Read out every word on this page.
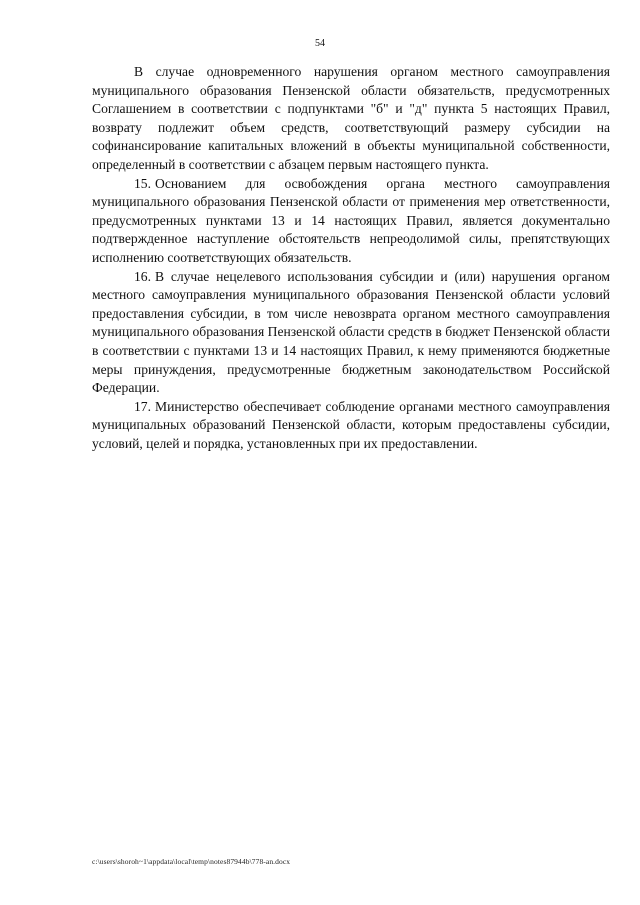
54

В случае одновременного нарушения органом местного самоуправления муниципального образования Пензенской области обязательств, предусмотренных Соглашением в соответствии с подпунктами "б" и "д" пункта 5 настоящих Правил, возврату подлежит объем средств, соответствующий размеру субсидии на софинансирование капитальных вложений в объекты муниципальной собственности, определенный в соответствии с абзацем первым настоящего пункта.

15. Основанием для освобождения органа местного самоуправления муниципального образования Пензенской области от применения мер ответственности, предусмотренных пунктами 13 и 14 настоящих Правил, является документально подтвержденное наступление обстоятельств непреодолимой силы, препятствующих исполнению соответствующих обязательств.

16. В случае нецелевого использования субсидии и (или) нарушения органом местного самоуправления муниципального образования Пензенской области условий предоставления субсидии, в том числе невозврата органом местного самоуправления муниципального образования Пензенской области средств в бюджет Пензенской области в соответствии с пунктами 13 и 14 настоящих Правил, к нему применяются бюджетные меры принуждения, предусмотренные бюджетным законодательством Российской Федерации.

17. Министерство обеспечивает соблюдение органами местного самоуправления муниципальных образований Пензенской области, которым предоставлены субсидии, условий, целей и порядка, установленных при их предоставлении.

c:\users\shoroh~1\appdata\local\temp\notes87944b\778-an.docx
